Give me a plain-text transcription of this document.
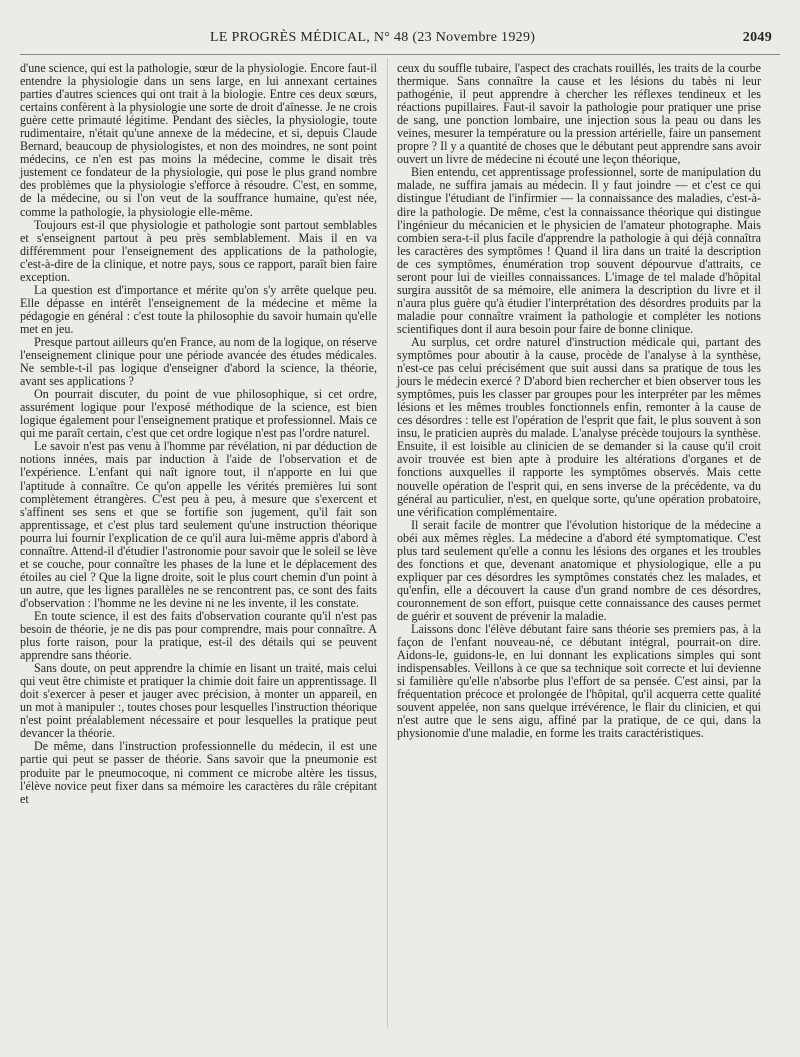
LE PROGRÈS MÉDICAL, N° 48 (23 Novembre 1929)	2049

d'une science, qui est la pathologie, sœur de la physiologie. Encore faut-il entendre la physiologie dans un sens large, en lui annexant certaines parties d'autres sciences qui ont trait à la biologie. Entre ces deux sœurs, certains confèrent à la physiologie une sorte de droit d'aînesse. Je ne crois guère cette primauté légitime. Pendant des siècles, la physiologie, toute rudimentaire, n'était qu'une annexe de la médecine, et si, depuis Claude Bernard, beaucoup de physiologistes, et non des moindres, ne sont point médecins, ce n'en est pas moins la médecine, comme le disait très justement ce fondateur de la physiologie, qui pose le plus grand nombre des problèmes que la physiologie s'efforce à résoudre. C'est, en somme, de la médecine, ou si l'on veut de la souffrance humaine, qu'est née, comme la pathologie, la physiologie elle-même.

Toujours est-il que physiologie et pathologie sont partout semblables et s'enseignent partout à peu près semblablement. Mais il en va différemment pour l'enseignement des applications de la pathologie, c'est-à-dire de la clinique, et notre pays, sous ce rapport, paraît bien faire exception.

La question est d'importance et mérite qu'on s'y arrête quelque peu. Elle dépasse en intérêt l'enseignement de la médecine et même la pédagogie en général : c'est toute la philosophie du savoir humain qu'elle met en jeu.

Presque partout ailleurs qu'en France, au nom de la logique, on réserve l'enseignement clinique pour une période avancée des études médicales. Ne semble-t-il pas logique d'enseigner d'abord la science, la théorie, avant ses applications ?

On pourrait discuter, du point de vue philosophique, si cet ordre, assurément logique pour l'exposé méthodique de la science, est bien logique également pour l'enseignement pratique et professionnel. Mais ce qui me paraît certain, c'est que cet ordre logique n'est pas l'ordre naturel.

Le savoir n'est pas venu à l'homme par révélation, ni par déduction de notions innées, mais par induction à l'aide de l'observation et de l'expérience. L'enfant qui naît ignore tout, il n'apporte en lui que l'aptitude à connaître. Ce qu'on appelle les vérités premières lui sont complètement étrangères. C'est peu à peu, à mesure que s'exercent et s'affinent ses sens et que se fortifie son jugement, qu'il fait son apprentissage, et c'est plus tard seulement qu'une instruction théorique pourra lui fournir l'explication de ce qu'il aura lui-même appris d'abord à connaître. Attend-il d'étudier l'astronomie pour savoir que le soleil se lève et se couche, pour connaître les phases de la lune et le déplacement des étoiles au ciel ? Que la ligne droite, soit le plus court chemin d'un point à un autre, que les lignes parallèles ne se rencontrent pas, ce sont des faits d'observation : l'homme ne les devine ni ne les invente, il les constate.

En toute science, il est des faits d'observation courante qu'il n'est pas besoin de théorie, je ne dis pas pour comprendre, mais pour connaître. A plus forte raison, pour la pratique, est-il des détails qui se peuvent apprendre sans théorie.

Sans doute, on peut apprendre la chimie en lisant un traité, mais celui qui veut être chimiste et pratiquer la chimie doit faire un apprentissage. Il doit s'exercer à peser et jauger avec précision, à monter un appareil, en un mot à manipuler :, toutes choses pour lesquelles l'instruction théorique n'est point préalablement nécessaire et pour lesquelles la pratique peut devancer la théorie.

De même, dans l'instruction professionnelle du médecin, il est une partie qui peut se passer de théorie. Sans savoir que la pneumonie est produite par le pneumocoque, ni comment ce microbe altère les tissus, l'élève novice peut fixer dans sa mémoire les caractères du râle crépitant et

ceux du souffle tubaire, l'aspect des crachats rouillés, les traits de la courbe thermique. Sans connaître la cause et les lésions du tabès ni leur pathogénie, il peut apprendre à chercher les réflexes tendineux et les réactions pupillaires. Faut-il savoir la pathologie pour pratiquer une prise de sang, une ponction lombaire, une injection sous la peau ou dans les veines, mesurer la température ou la pression artérielle, faire un pansement propre ? Il y a quantité de choses que le débutant peut apprendre sans avoir ouvert un livre de médecine ni écouté une leçon théorique,

Bien entendu, cet apprentissage professionnel, sorte de manipulation du malade, ne suffira jamais au médecin. Il y faut joindre — et c'est ce qui distingue l'étudiant de l'infirmier — la connaissance des maladies, c'est-à-dire la pathologie. De même, c'est la connaissance théorique qui distingue l'ingénieur du mécanicien et le physicien de l'amateur photographe. Mais combien sera-t-il plus facile d'apprendre la pathologie à qui déjà connaîtra les caractères des symptômes ! Quand il lira dans un traité la description de ces symptômes, énumération trop souvent dépourvue d'attraits, ce seront pour lui de vieilles connaissances. L'image de tel malade d'hôpital surgira aussitôt de sa mémoire, elle animera la description du livre et il n'aura plus guère qu'à étudier l'interprétation des désordres produits par la maladie pour connaître vraiment la pathologie et compléter les notions scientifiques dont il aura besoin pour faire de bonne clinique.

Au surplus, cet ordre naturel d'instruction médicale qui, partant des symptômes pour aboutir à la cause, procède de l'analyse à la synthèse, n'est-ce pas celui précisément que suit aussi dans sa pratique de tous les jours le médecin exercé ? D'abord bien rechercher et bien observer tous les symptômes, puis les classer par groupes pour les interpréter par les mêmes lésions et les mêmes troubles fonctionnels enfin, remonter à la cause de ces désordres : telle est l'opération de l'esprit que fait, le plus souvent à son insu, le praticien auprès du malade. L'analyse précède toujours la synthèse. Ensuite, il est loisible au clinicien de se demander si la cause qu'il croit avoir trouvée est bien apte à produire les altérations d'organes et de fonctions auxquelles il rapporte les symptômes observés. Mais cette nouvelle opération de l'esprit qui, en sens inverse de la précédente, va du général au particulier, n'est, en quelque sorte, qu'une opération probatoire, une vérification complémentaire.

Il serait facile de montrer que l'évolution historique de la médecine a obéi aux mêmes règles. La médecine a d'abord été symptomatique. C'est plus tard seulement qu'elle a connu les lésions des organes et les troubles des fonctions et que, devenant anatomique et physiologique, elle a pu expliquer par ces désordres les symptômes constatés chez les malades, et qu'enfin, elle a découvert la cause d'un grand nombre de ces désordres, couronnement de son effort, puisque cette connaissance des causes permet de guérir et souvent de prévenir la maladie.

Laissons donc l'élève débutant faire sans théorie ses premiers pas, à la façon de l'enfant nouveau-né, ce débutant intégral, pourrait-on dire. Aidons-le, guidons-le, en lui donnant les explications simples qui sont indispensables. Veillons à ce que sa technique soit correcte et lui devienne si familière qu'elle n'absorbe plus l'effort de sa pensée. C'est ainsi, par la fréquentation précoce et prolongée de l'hôpital, qu'il acquerra cette qualité souvent appelée, non sans quelque irrévérence, le flair du clinicien, et qui n'est autre que le sens aigu, affiné par la pratique, de ce qui, dans la physionomie d'une maladie, en forme les traits caractéristiques.
